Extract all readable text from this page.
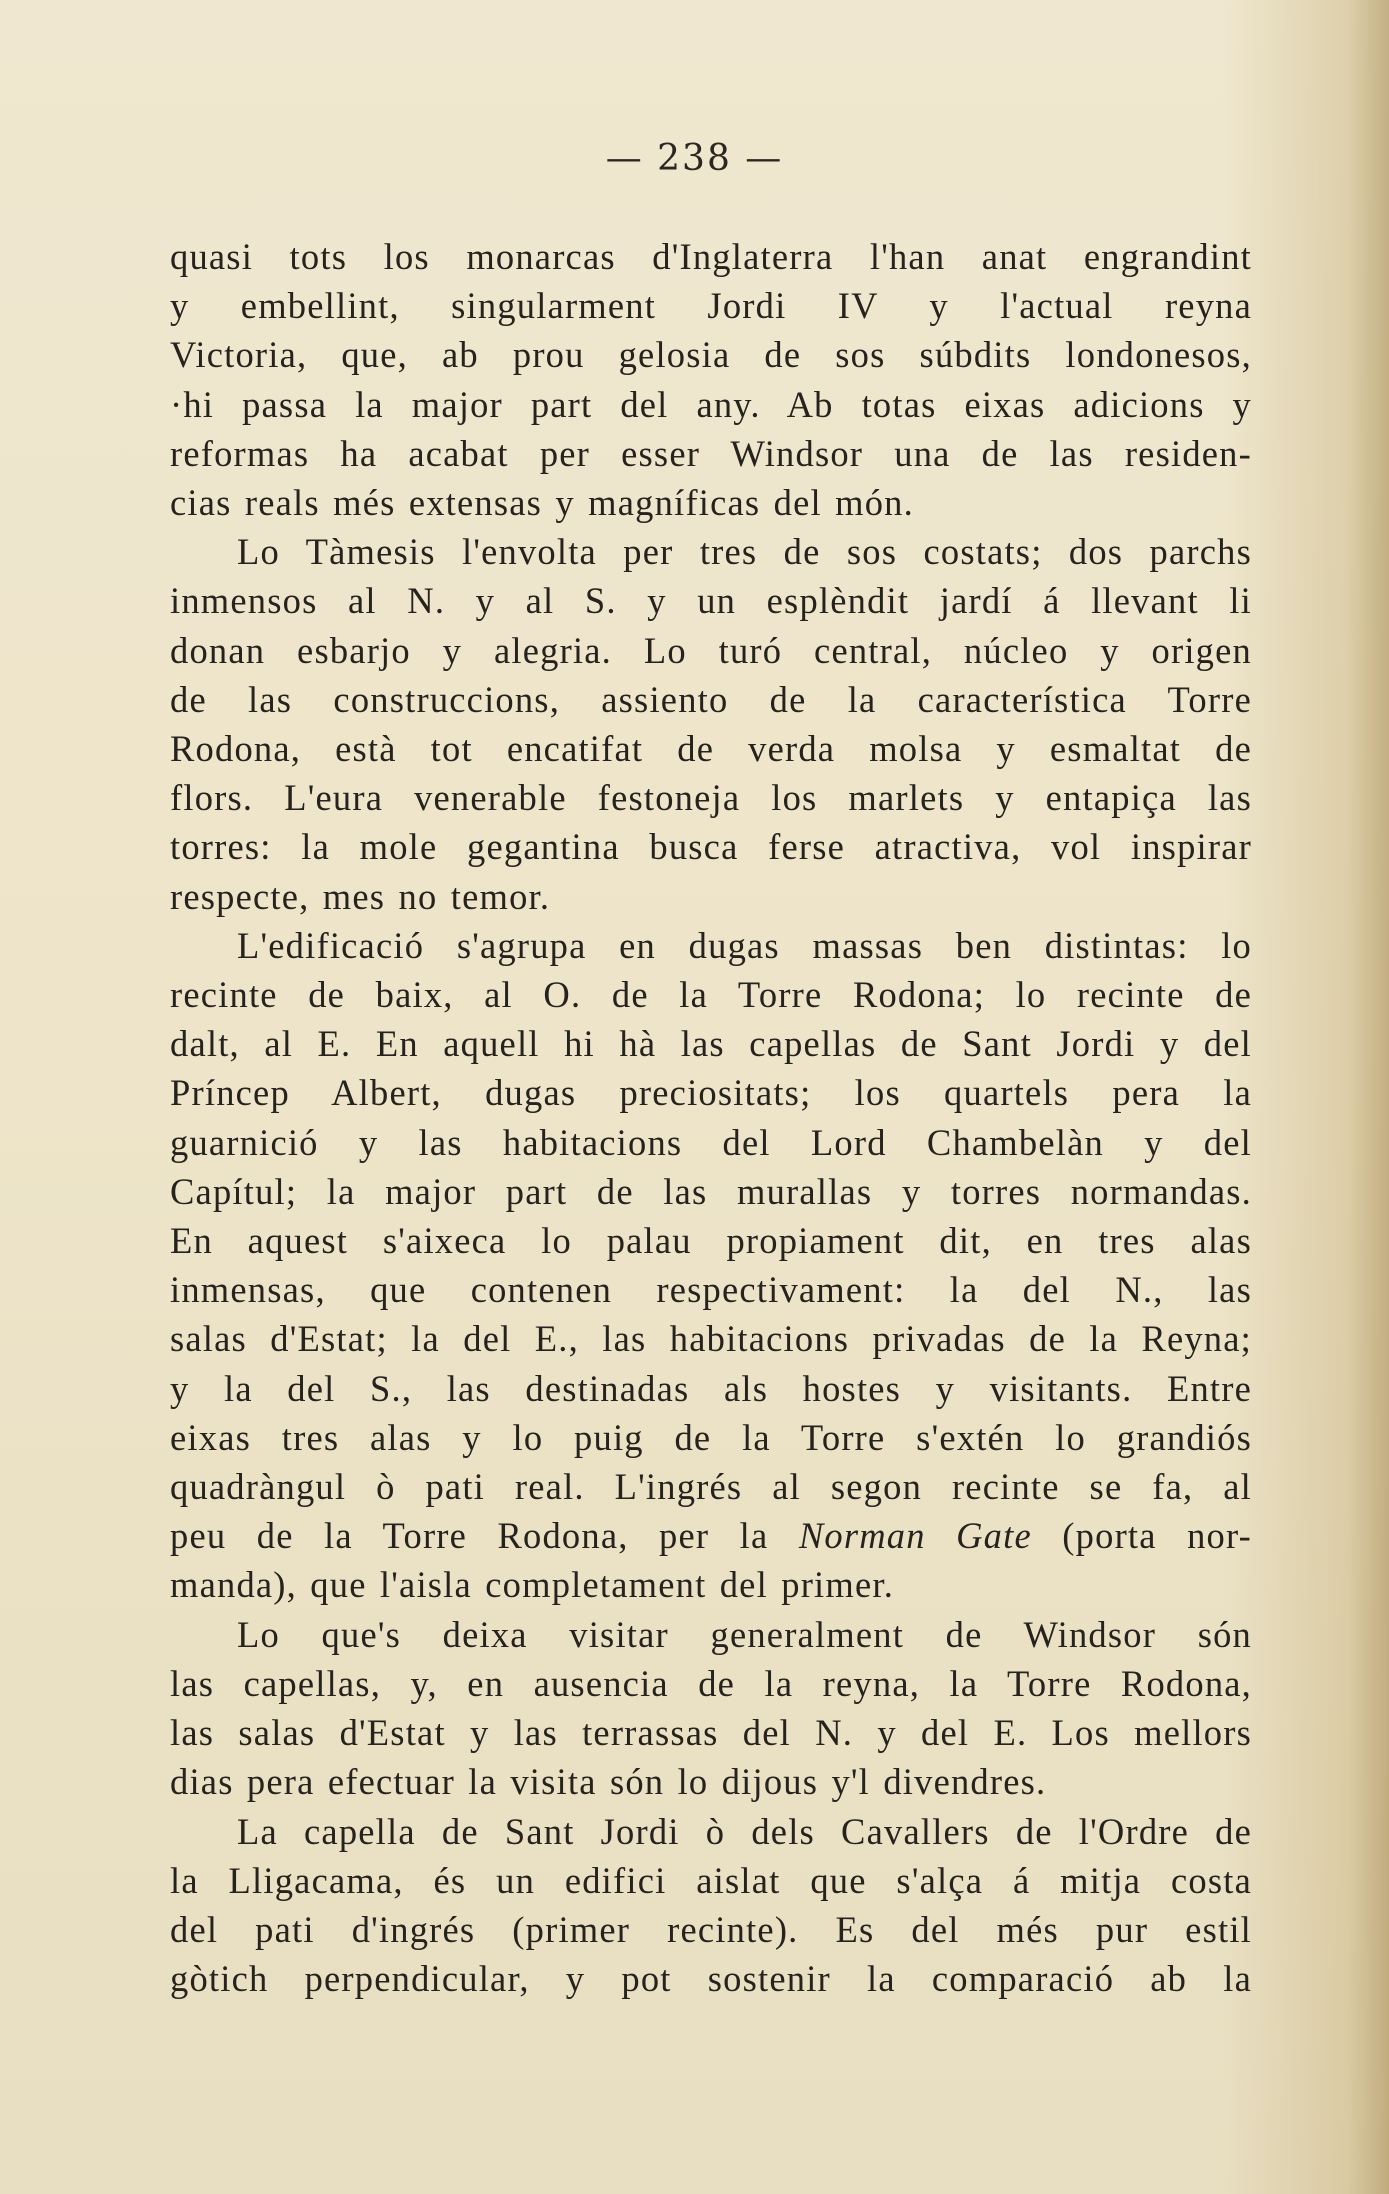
— 238 —
quasi tots los monarcas d'Inglaterra l'han anat engrandint
y embellint, singularment Jordi IV y l'actual reyna
Victoria, que, ab prou gelosia de sos súbdits londonesos,
·hi passa la major part del any. Ab totas eixas adicions y
reformas ha acabat per esser Windsor una de las residen-
cias reals més extensas y magníficas del món.
Lo Tàmesis l'envolta per tres de sos costats; dos parchs
inmensos al N. y al S. y un esplèndit jardí á llevant li
donan esbarjo y alegria. Lo turó central, núcleo y origen
de las construccions, assiento de la característica Torre
Rodona, està tot encatifat de verda molsa y esmaltat de
flors. L'eura venerable festoneja los marlets y entapiça las
torres: la mole gegantina busca ferse atractiva, vol inspirar
respecte, mes no temor.
L'edificació s'agrupa en dugas massas ben distintas: lo
recinte de baix, al O. de la Torre Rodona; lo recinte de
dalt, al E. En aquell hi hà las capellas de Sant Jordi y del
Príncep Albert, dugas preciositats; los quartels pera la
guarnició y las habitacions del Lord Chambelàn y del
Capítul; la major part de las murallas y torres normandas.
En aquest s'aixeca lo palau propiament dit, en tres alas
inmensas, que contenen respectivament: la del N., las
salas d'Estat; la del E., las habitacions privadas de la Reyna;
y la del S., las destinadas als hostes y visitants. Entre
eixas tres alas y lo puig de la Torre s'extén lo grandiós
quadràngul ò pati real. L'ingrés al segon recinte se fa, al
peu de la Torre Rodona, per la Norman Gate (porta nor-
manda), que l'aisla completament del primer.
Lo que's deixa visitar generalment de Windsor són
las capellas, y, en ausencia de la reyna, la Torre Rodona,
las salas d'Estat y las terrassas del N. y del E. Los mellors
dias pera efectuar la visita són lo dijous y'l divendres.
La capella de Sant Jordi ò dels Cavallers de l'Ordre de
la Lligacama, és un edifici aislat que s'alça á mitja costa
del pati d'ingrés (primer recinte). Es del més pur estil
gòtich perpendicular, y pot sostenir la comparació ab la
